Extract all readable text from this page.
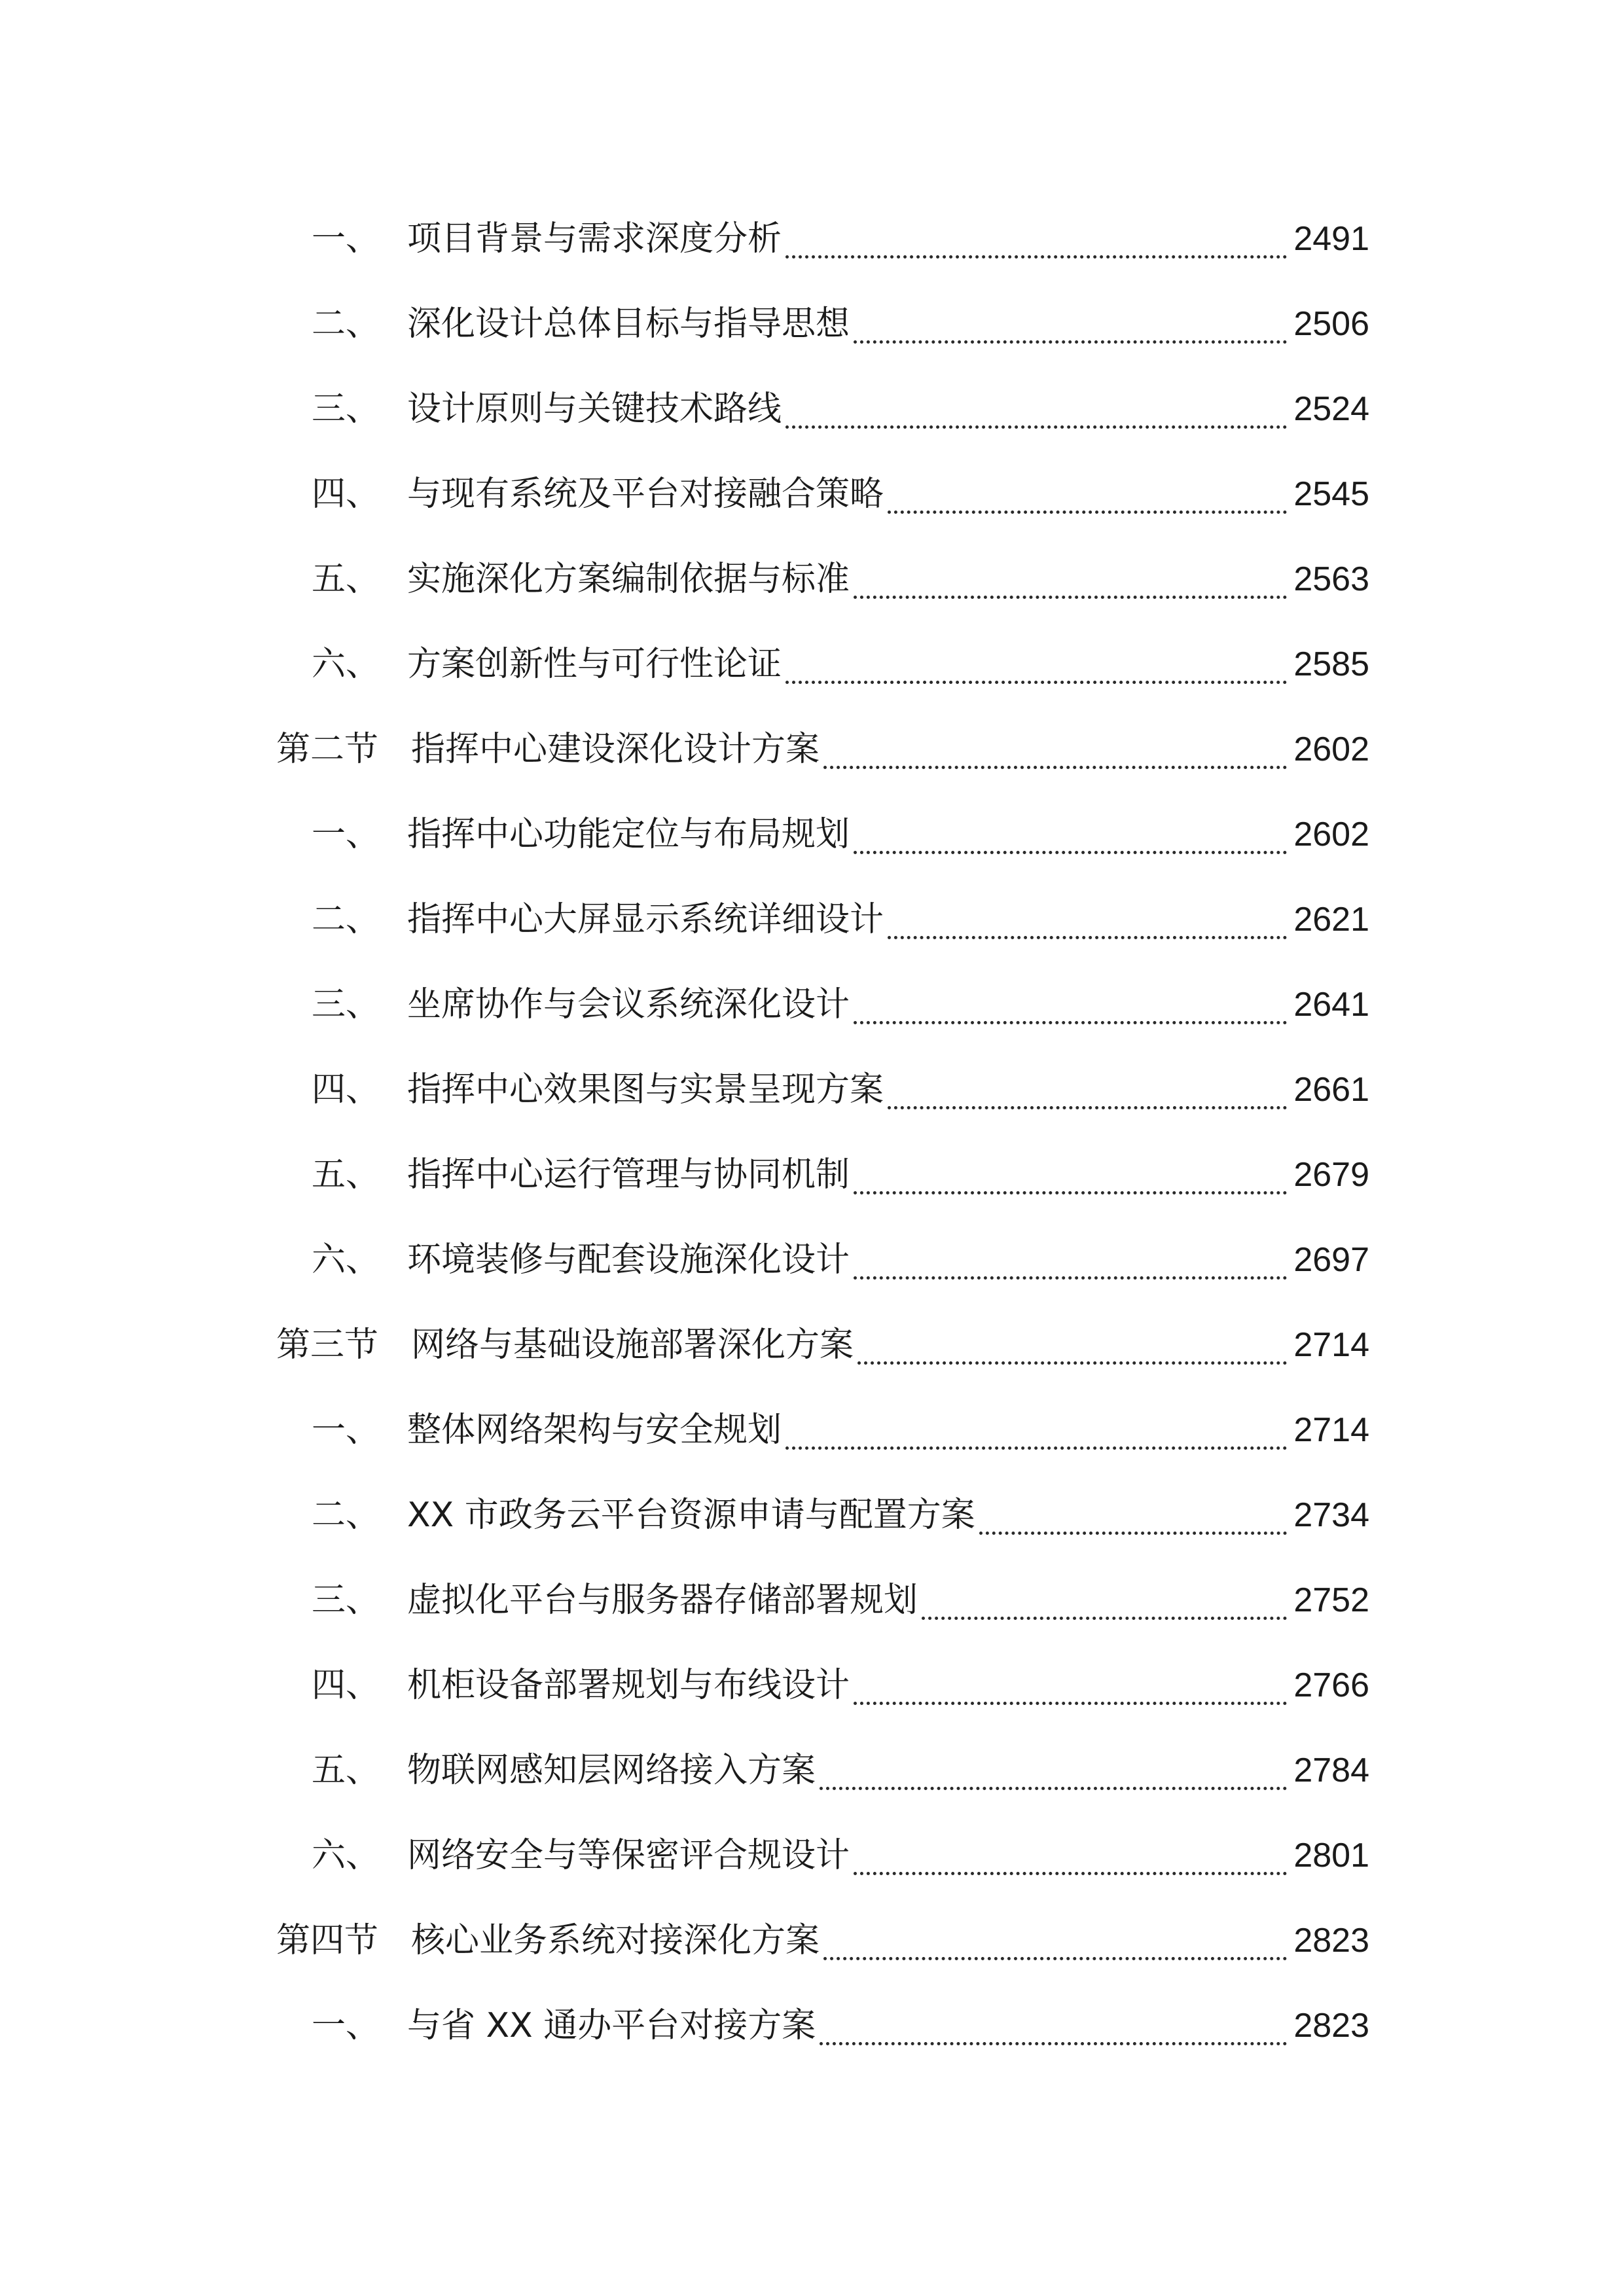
一、 项目背景与需求深度分析	2491
二、 深化设计总体目标与指导思想	2506
三、 设计原则与关键技术路线	2524
四、 与现有系统及平台对接融合策略	2545
五、 实施深化方案编制依据与标准	2563
六、 方案创新性与可行性论证	2585
第二节 指挥中心建设深化设计方案	2602
一、 指挥中心功能定位与布局规划	2602
二、 指挥中心大屏显示系统详细设计	2621
三、 坐席协作与会议系统深化设计	2641
四、 指挥中心效果图与实景呈现方案	2661
五、 指挥中心运行管理与协同机制	2679
六、 环境装修与配套设施深化设计	2697
第三节 网络与基础设施部署深化方案	2714
一、 整体网络架构与安全规划	2714
二、 XX 市政务云平台资源申请与配置方案	2734
三、 虚拟化平台与服务器存储部署规划	2752
四、 机柜设备部署规划与布线设计	2766
五、 物联网感知层网络接入方案	2784
六、 网络安全与等保密评合规设计	2801
第四节 核心业务系统对接深化方案	2823
一、 与省 XX 通办平台对接方案	2823
